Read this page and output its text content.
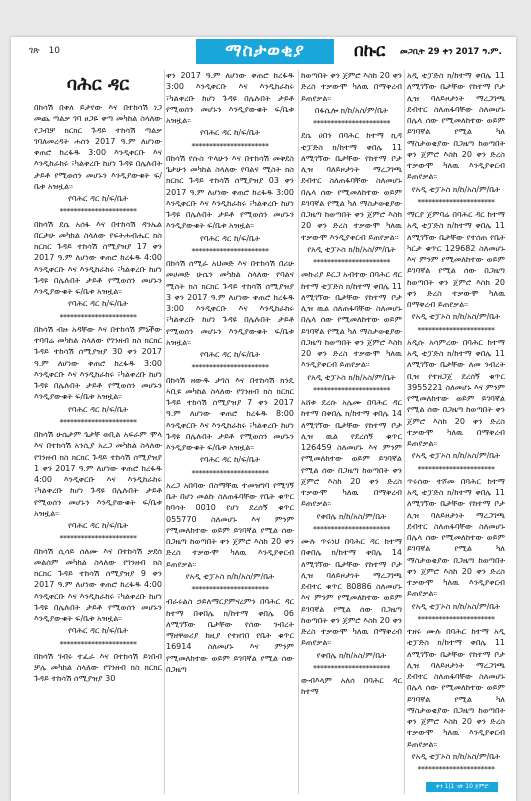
ገጽ 10	ማስታወቂያ	በኩር መጋቢት 29 ቀን 2017 ዓ.ም.
ባሕር ዳር

በከሳሽ በቀለ ይታየው እና በተከሳሽ ነጋ መጨ ጣልቃ ገባ ፀጋዬ ቀጣ መካከል ስላለው የጋብቻ ክርክር ጉዳይ ተከሳሽ ጣልቃ ገባለመረዳት ሐሰን 2017 ዓ.ም ለሆነው ቀጠሮ ከረፋዱ 3:00 እንዲቀርቡ እና እንዲከራከሩ ፣ካልቀረቡ ከሆነ ጉዳዩ በሌሉበት ታይቶ የሚወሰን መሆኑን እንዲያውቁት ፍ/ቤቱ አዝዟል፡፡

የባሕር ዳር ከ/ፍ/ቤት
**********************

በከሳሽ ደሴ አሰፋ እና በተከሳሽ ዳንኤል በርታሁ መካከል ስላለው የፍትሐብሔር ክስ ክርክር ጉዳይ ተከሳሽ ሰሚያዝያ 17 ቀን 2017 ዓ.ም ለሆነው ቀጠሮ ከረፋዱ 4:00 እንዲቀርቡ እና እንዲከራከሩ ፣ካልቀረቡ ከሆነ ጉዳዩ በሌሉበት ታይቶ የሚወሰን መሆኑን እንዲያውቁት ፍ/ቤቱ አዝዟል፡፡

የባሕር ዳር ከ/ፍ/ቤት
**********************

በከሳሽ ብዙ አዳቸው እና በተከሳሽ ምኒችው ተባባሬ መካከል ስላለው የገንዘብ ክስ ክርክር ጉዳይ ተከሳሽ ሰሚያዝያ 30 ቀን 2017 ዓ.ም ለሆነው ቀጠሮ ከረፋዱ 3:00 እንዲቀርቡ እና እንዲከራከሩ ፣ካልቀረቡ ከሆነ ጉዳዩ በሌሉበት ታይቶ የሚወሰን መሆኑን እንዲያውቁት ፍ/ቤቱ አዝዟል፡፡

የባሕር ዳር ከ/ፍ/ቤት
**********************

በከሳሽ ሁሴታም ጌታቸ ወቢል አፍራም ሞላ እና በተከሳሽ አንሲያ አረጋ መካከል ስላለው የገንዘብ ክስ ክርክር ጉዳይ ተከሳሽ ሰሚያዝያ 1 ቀን 2017 ዓ.ም ለሆነው ቀጠሮ ከረፋዱ 4:00 እንዲቀርቡ እና እንዲከራከሩ ፣ካልቀረቡ ከሆነ ጉዳዩ በሌሉበት ታይቶ የሚወሰን መሆኑን እንዲያውቁት ፍ/ቤቱ አዝዟል፡፡

የባሕር ዳር ከ/ፍ/ቤት
**********************

በከሳሽ ሲሳይ ሰለሙ እና በተከሳሽ ቃደሰ መልሰም መካከል ስላለው የገንዘብ ክስ ክርክር ጉዳይ ተከሳሽ ሰሚያዝያ 9 ቀን 2017 ዓ.ም ለሆነው ቀጠሮ ከረፋዱ 4:00 እንዲቀርቡ እና እንዲከራከሩ ፣ካልቀረቡ ከሆነ ጉዳዩ በሌሉበት ታይቶ የሚወሰን መሆኑን እንዲያውቁት ፍ/ቤቱ አዝዟል፡፡

የባሕር ዳር ከ/ፍ/ቤት
**********************

በከሳሽ ገብሩ ተፈራ እና በተከሳሽ ይነበብ ቻሌ መካከል ስላለው የገንዘብ ክስ ክርክር ጉዳይ ተከሳሽ ሰሚያዝያ 30

ቀን 2017 ዓ.ም ለሆነው ቀጠሮ ከረፋዱ 3:00 እንዲቀርቡ እና እንዲከራከሩ ፣ካልቀረቡ ከሆነ ጉዳዩ በሌሉበት ታይቶ የሚወሰን መሆኑን እንዲያውቁት ፍ/ቤቱ አዝዟል፡፡

የባሕር ዳር ከ/ፍ/ቤት
**********************

በከሳሽ የሱስ ጥላሁን እና በተከሳሽ መቅደስ ጌታሁን መካከል ስላለው የባልና ሚስት ክስ ክርክር ጉዳይ ተከሳሽ ሰሚያዝያ 03 ቀን 2017 ዓ.ም ለሆነው ቀጠሮ ከረፋዱ 3:00 እንዲቀርቡ እና እንዲከራከሩ ፣ካልቀረቡ ከሆነ ጉዳዩ በሌሉበት ታይቶ የሚወሰን መሆኑን እንዲያውቁት ፍ/ቤቱ አዝዟል፡፡

የባሕር ዳር ከ/ፍ/ቤት
**********************

በከሳሽ ሰሚራ አህመድ እና በተከሳሽ በሪሁ መሀመድ ሁሴን መካከል ስላለው የባልና ሚስት ክስ ክርክር ጉዳይ ተከሳሽ ሰሚያዝያ 3 ቀን 2017 ዓ.ም ለሆነው ቀጠሮ ከረፋዱ 3:00 እንዲቀርቡ እና እንዲከራከሩ ፣ካልቀረቡ ከሆነ ጉዳዩ በሌሉበት ታይቶ የሚወሰን መሆኑን እንዲያውቁት ፍ/ቤቱ አዝዟል፡፡

የባሕር ዳር ከ/ፍ/ቤት
**********************

በከሳሽ ዘውዱ ታገስ እና በተከሳሽ ክንዴ ኣቢዩ መካከል ስላለው የገንዘብ ክስ ክርክር ጉዳይ ተከሳሽ ሰሚያዝያ 7 ቀን 2017 ዓ.ም ለሆነው ቀጠሮ ከረፋዱ 8:00 እንዲቀርቡ እና እንዲከራከሩ ፣ካልቀረቡ ከሆነ ጉዳዩ በሌሉበት ታይቶ የሚወሰን መሆኑን እንዲያውቁት ፍ/ቤቱ አዝዟል፡፡

የባሕር ዳር ከ/ፍ/ቤት
**********************

አረጋ አበባው በስማቸዉ ተመዝግባ የሚገኝ ቤት በሆነ መልኩ ስለጠፋባቸው የቤት ቁጥር ከባሳት 0010 የሆነ ደረሰኝ ቁጥር 055770 ስለመሆኑ እና ምንም የሚመለከተው ወይም ይገባኛል የሚል ሰው በጋዜጣ ከወጣበት ቀን ጀምሮ እስከ 20 ቀን ድረስ ተቃውሞ ካለዉ እንዲያቀርብ ይጠየቃል፡፡

የአዲ ቲፓኦስ ክ/ከ/አስ/ም/ቤት
**********************

ብራሩልስ ኃይለማርያምናረምን በባሕር ዳር ከተማ በቀበሌ ክ/ከተማ ቀበሌ 06 ለሚገኘው ቤታቸው የሰው ንብረት ማዘዋወሪያ ከዚያ የተዘገበ የቤት ቁጥር 16914 ስለመሆኑ እና ምንም የሚመለከተው ወይም ይገባኛል የሚል ሰው በጋዜጣ

ከወጣበት ቀን ጀምሮ እስከ 20 ቀን ድረስ ተቃውሞ ካለዉ በማቅረብ ይጠየቃል፡፡

በፋሲሎ ክ/ከ/አስ/ም/ቤት
**********************

ደሴ ሀበን በባሕር ከተማ ኪዳ ቲፓድስ ክ/ከተማ ቀበሌ 11 ለሚገኘው ቤታቸው የከተማ ቦታ ሊዝ ባለይዞታነት ማረጋገጫ ደብተር ስለጠፋባቸው ስለመሆኑ በሌላ ሰው የሚመለከተው ወይም ይገባኛል የሚል ካለ ማስታወቂያው በጋዜጣ ከወጣበት ቀን ጀምሮ እስከ 20 ቀን ድረስ ተቃውሞ ካለዉ ተቃውሞ እንዲያቀርብ ይጠየቃል፡፡

የአዲ ቲፓኦስ ክ/ከ/አስ/ም/ቤት
**********************

መኩሪያ ይርጋ አብተው በባሕር ዳር ከተማ ቲፓድስ ክ/ከተማ ቀበሌ 11 ለሚገኘው ቤታቸው የከተማ ቦታ ሊዝ ዉል ስለጠፋባቸው ስለመሆኑ በሌላ ሰው የሚመለከተው ወይም ይገባኛል የሚል ካለ ማስታወቂያው በጋዜጣ ከወጣበት ቀን ጀምሮ እስከ 20 ቀን ድረስ ተቃውሞ ካለዉ እንዲያቀርብ ይጠየቃል፡፡

የአዲ ቲፓኦስ ክ/ከ/አስ/ም/ቤት
**********************

አሸቱ ደረሱ አሌሙ በባሕር ዳር ከተማ በቀበሌ ክ/ከተማ ቀበሌ 14 ለሚገኘው ቤታቸው የከተማ ቦታ ሊዝ ዉል የደረሰኝ ቁጥር 126459 ስለመሆኑ እና ምንም የሚመለከተው ወይም ይገባኛል የሚል ሰው በጋዜጣ ከወጣበት ቀን ጀምሮ እስከ 20 ቀን ድረስ ተቃውሞ ካለዉ በማቅረብ ይጠየቃል፡፡

የቀበሌ ክ/ከ/አስ/ም/ቤት
**********************

ሙሉ ጥሩነህ በባሕር ዳር ከተማ በቀበሌ ክ/ከተማ ቀበሌ 14 ለሚገኘው ቤታቸው የከተማ ቦታ ሊዝ ባለይዞታነት ማረጋገጫ ደብተር ቁጥር 80886 ስለመሆኑ እና ምንም የሚመለከተው ወይም ይገባኛል የሚል ሰው በጋዜጣ ከወጣበት ቀን ጀምሮ እስከ 20 ቀን ድረስ ተቃውሞ ካለዉ በማቅረብ ይጠየቃል፡፡

የቀበሌ ክ/ከ/አስ/ም/ቤት
**********************

ውብእላም አለሰ በባሕር ዳር ከተማ

አዲ ቲፓድስ ክ/ከተማ ቀበሌ 11 ለሚገኘው ቤታቸው የከተማ ቦታ ሊዝ ባለይዞታነት ማረጋገጫ ደብተር ስለጠፋባቸው ስለመሆኑ በሌላ ሰው የሚመለከተው ወይም ይገባኛል የሚል ካለ ማስታወቂያው በጋዜጣ ከወጣበት ቀን ጀምሮ እስከ 20 ቀን ድረስ ተቃውሞ ካለዉ እንዲያቀርብ ይጠየቃል፡፡

የአዲ ቲፓኦስ ክ/ከ/አስ/ም/ቤት
**********************

ማርያ ጀምባሬ በባሕር ዳር ከተማ አዲ ቲፓድስ ክ/ከተማ ቀበሌ 11 ለሚገኘው ቤታቸው የተሰጠ የቤት ካርታ ቁጥር 129682 ስለመሆኑ እና ምንም የሚመለከተው ወይም ይገባኛል የሚል ሰው በጋዜጣ ከወጣበት ቀን ጀምሮ እስከ 20 ቀን ድረስ ተቃውሞ ካለዉ በማቅረብ ይጠየቃል፡፡

የአዲ ቲፓኦስ ክ/ከ/አስ/ም/ቤት
**********************

አዲሱ አሳምረው በባሕር ከተማ አዲ ቲፓድስ ክ/ከተማ ቀበሌ 11 ለሚገኘው ቤታቸው ለመ ንብረት ቢዝ የተዘጋጀ ደረሰኝ ቁጥር 3955221 ስለመሆኑ እና ምንም የሚመለከተው ወይም ይገባኛል የሚል ሰው በጋዜጣ ከወጣበት ቀን ጀምሮ እስከ 20 ቀን ድረስ ተቃውሞ ካለዉ በማቅረብ ይጠየቃል፡፡

የአዲ ቲፓኦስ ክ/ከ/አስ/ም/ቤት
**********************

ጥሩሰው ተሾመ በባሕር ከተማ አዲ ቲፓድስ ክ/ከተማ ቀበሌ 11 ለሚገኘው ቤታቸው የከተማ ቦታ ሊዝ ባለይዞታነት ማረጋገጫ ደብተር ስለጠፋባቸው ስለመሆኑ በሌላ ሰው የሚመለከተው ወይም ይገባኛል የሚል ካለ ማስታወቂያው በጋዜጣ ከወጣበት ቀን ጀምሮ እስከ 20 ቀን ድረስ ተቃውሞ ካለዉ እንዲያቀርብ ይጠየቃል፡፡

የአዲ ቲፓኦስ ክ/ከ/አስ/ም/ቤት
**********************

ተዘሩ ሙሉ በባሕር ከተማ አዲ ቲፓድስ ክ/ከተማ ቀበሌ 11 ለሚገኘው ቤታቸው የከተማ ቦታ ሊዝ ባለይዞታነት ማረጋገጫ ደብተር ስለጠፋባቸው ስለመሆኑ በሌላ ሰው የሚመለከተው ወይም ይገባኛል የሚል ካለ ማስታወቂያው በጋዜጣ ከወጣበት ቀን ጀምሮ እስከ 20 ቀን ድረስ ተቃውሞ ካለዉ እንዲያቀርብ ይጠየቃል፡፡

የአዲ ቲፓኦስ ክ/ከ/አስ/ም/ቤት
**********************
ቀን 1|1 ገጽ 10 ጀምሮ
